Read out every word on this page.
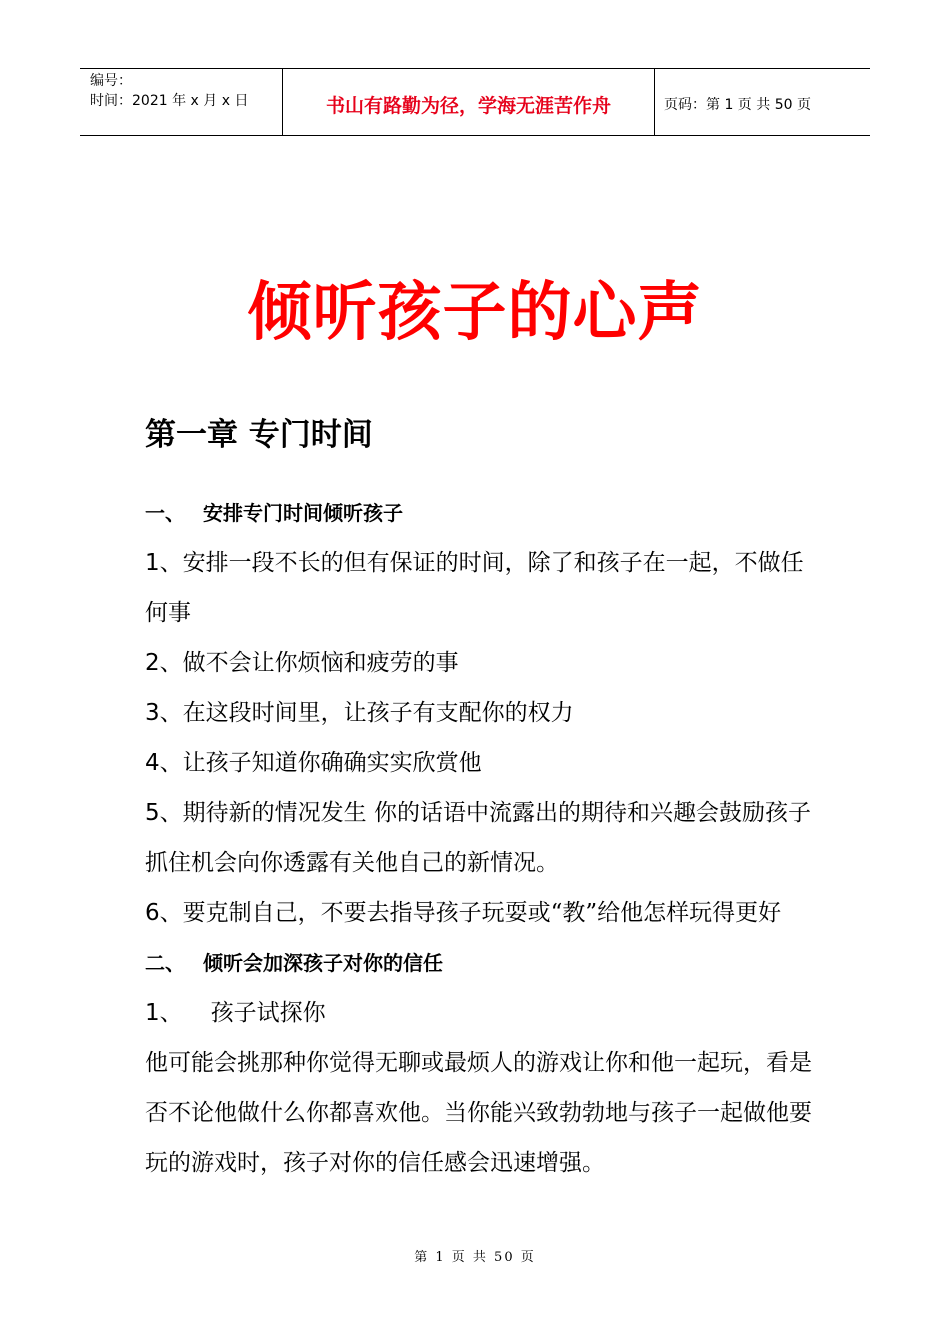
编号：
时间：2021 年 x 月 x 日	书山有路勤为径，学海无涯苦作舟	页码：第 1 页 共 50 页
倾听孩子的心声
第一章 专门时间

一、 安排专门时间倾听孩子

1、安排一段不长的但有保证的时间，除了和孩子在一起，不做任何事

2、做不会让你烦恼和疲劳的事

3、在这段时间里，让孩子有支配你的权力

4、让孩子知道你确确实实欣赏他

5、期待新的情况发生 你的话语中流露出的期待和兴趣会鼓励孩子抓住机会向你透露有关他自己的新情况。

6、要克制自己，不要去指导孩子玩耍或“教”给他怎样玩得更好

二、 倾听会加深孩子对你的信任

1、 孩子试探你

他可能会挑那种你觉得无聊或最烦人的游戏让你和他一起玩，看是否不论他做什么你都喜欢他。当你能兴致勃勃地与孩子一起做他要玩的游戏时，孩子对你的信任感会迅速增强。

第 1 页 共 50 页
